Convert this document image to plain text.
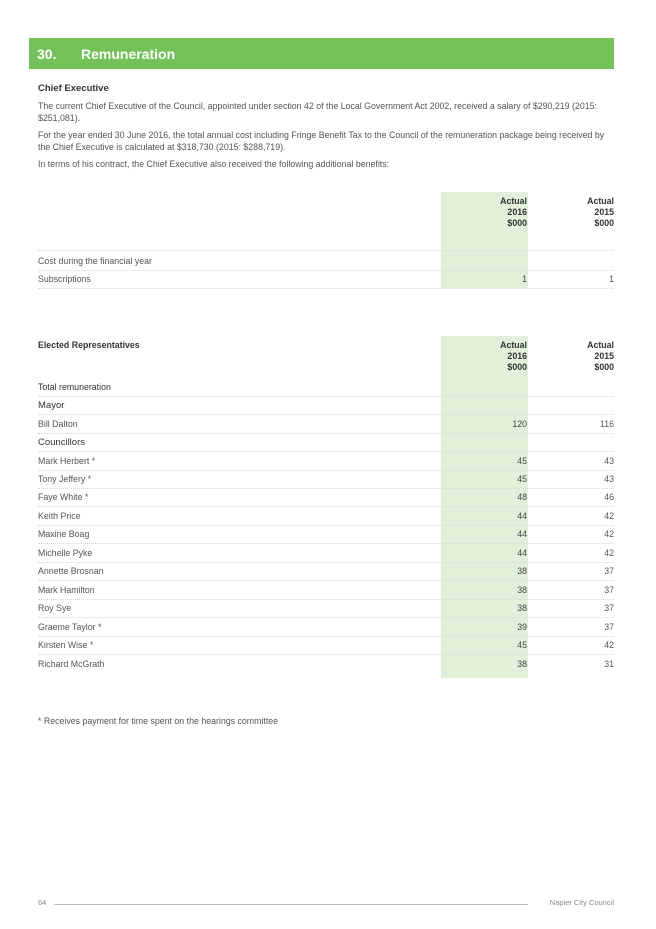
30.	Remuneration
Chief Executive
The current Chief Executive of the Council, appointed under section 42 of the Local Government Act 2002, received a salary of $290,219 (2015: $251,081).
For the year ended 30 June 2016, the total annual cost including Fringe Benefit Tax to the Council of the remuneration package being received by the Chief Executive is calculated at $318,730 (2015: $288,719).
In terms of his contract, the Chief Executive also received the following additional benefits:
Actual
2016
$000
Actual
2015
$000
Cost during the financial year
Subscriptions	1	1
Elected Representatives	Actual
2016
$000
Actual
2015
$000
Total remuneration
Mayor
Bill Dalton	120	116
Councillors
Mark Herbert *	45	43
Tony Jeffery *	45	43
Faye White *	48	46
Keith Price	44	42
Maxine Boag	44	42
Michelle Pyke	44	42
Annette Brosnan	38	37
Mark Hamilton	38	37
Roy Sye	38	37
Graeme Taylor *	39	37
Kirsten Wise *	45	42
Richard McGrath	38	31
* Receives payment for time spent on the hearings committee
64	Napier City Council
